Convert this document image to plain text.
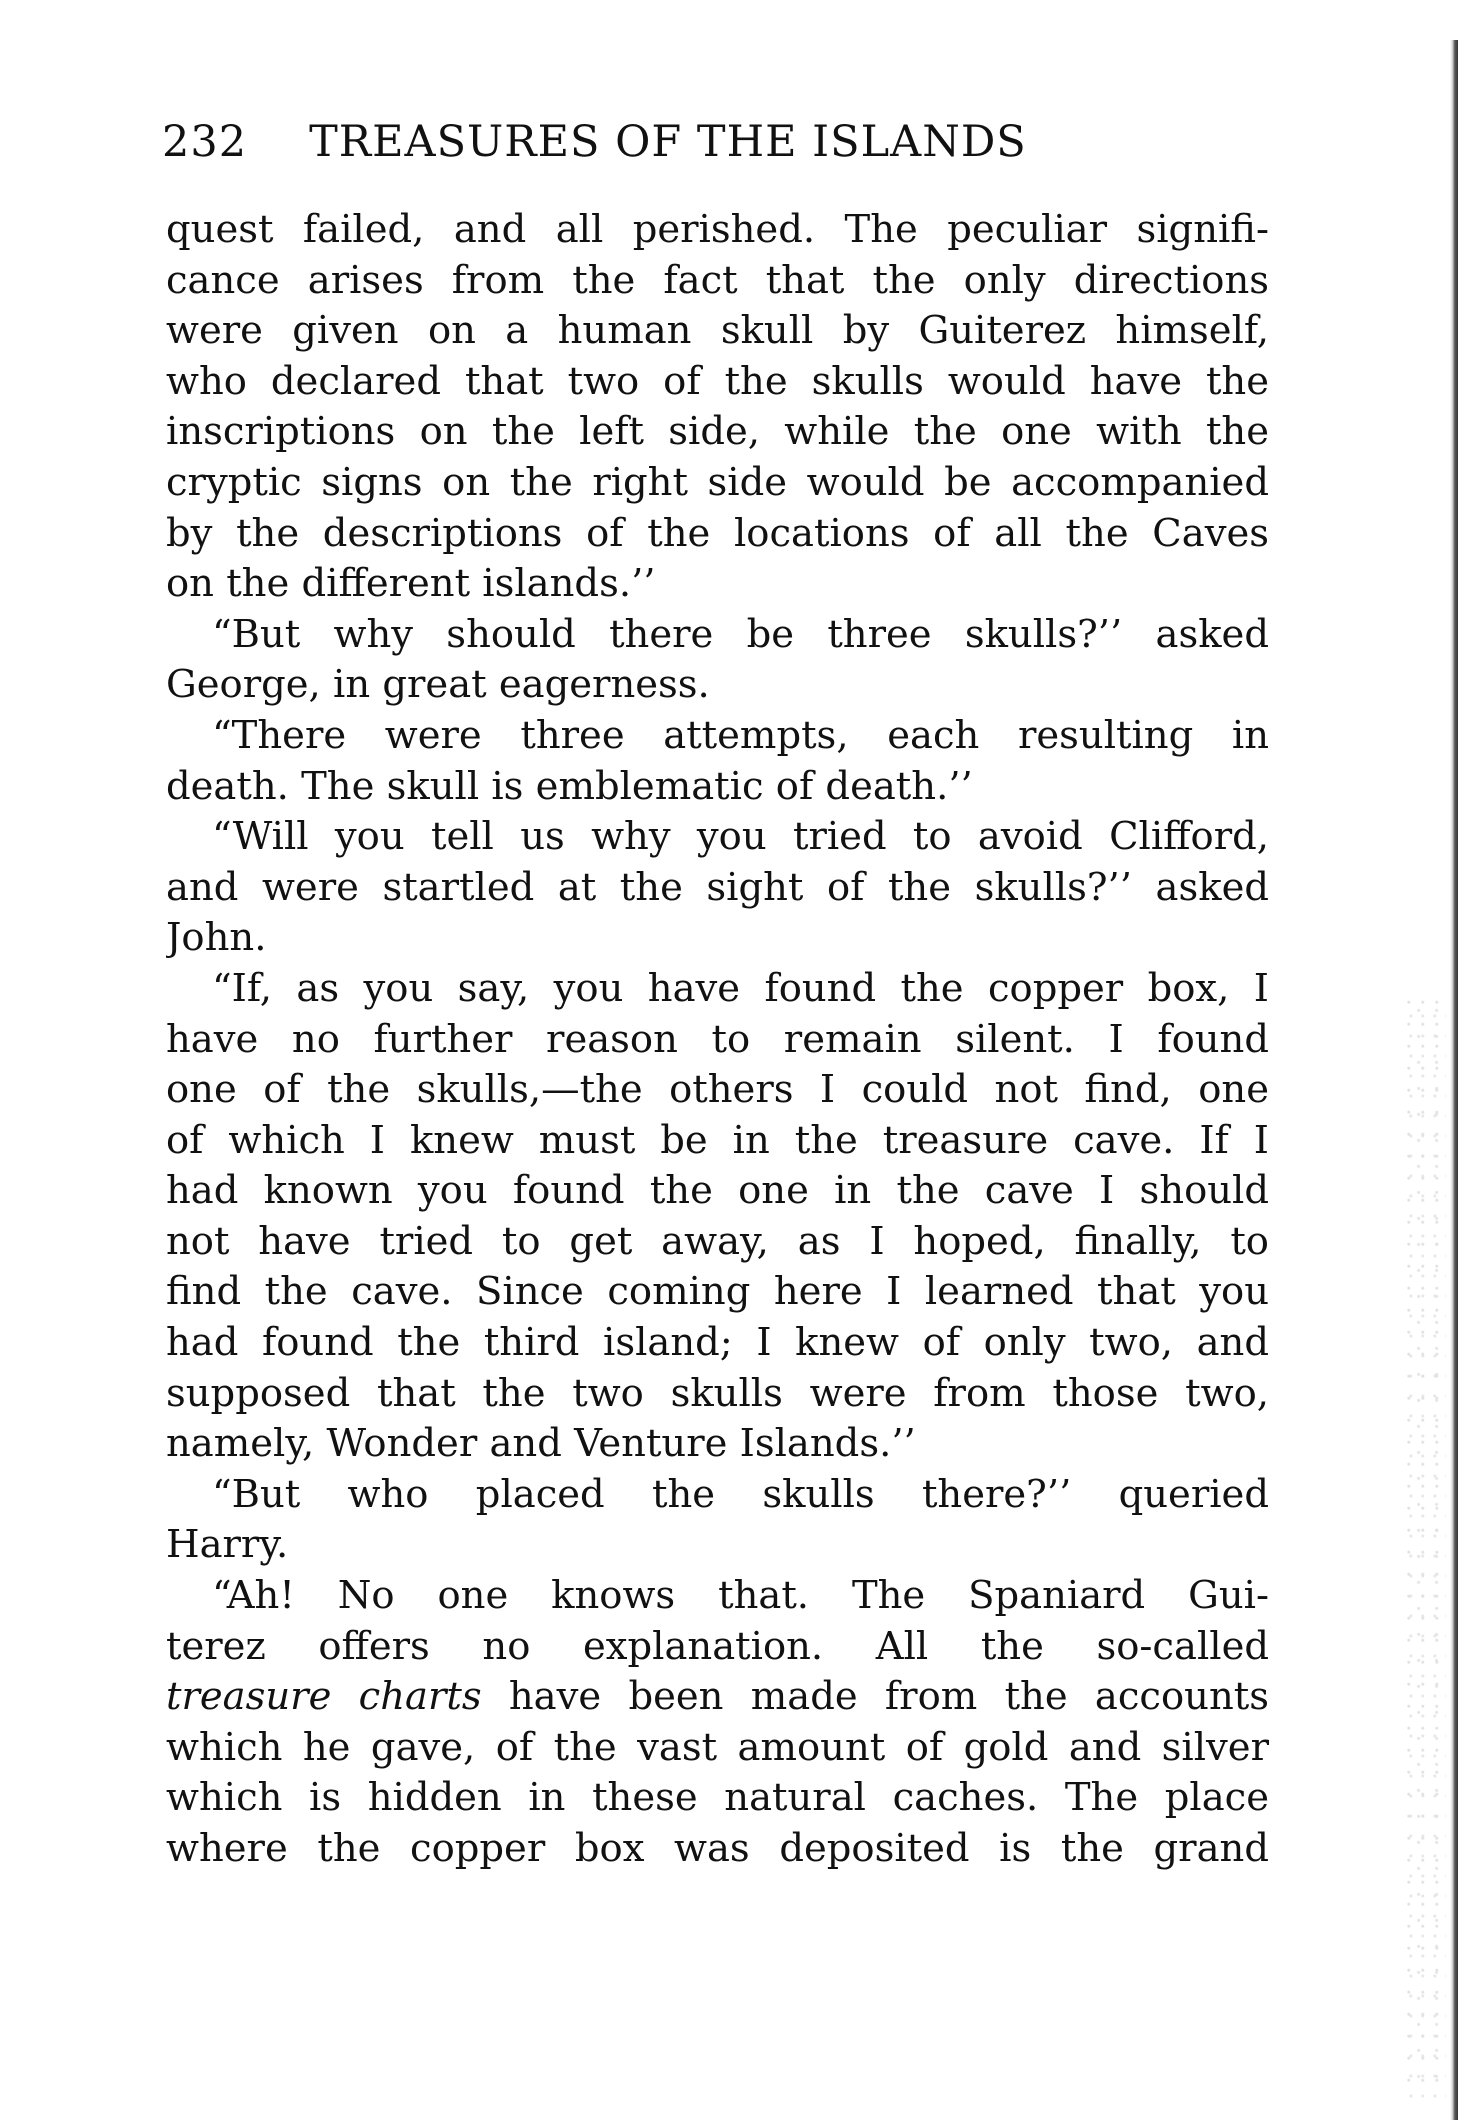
232 TREASURES OF THE ISLANDS
quest failed, and all perished. The peculiar signifi-
cance arises from the fact that the only directions
were given on a human skull by Guiterez himself,
who declared that two of the skulls would have the
inscriptions on the left side, while the one with the
cryptic signs on the right side would be accompanied
by the descriptions of the locations of all the Caves
on the different islands.’’
“But why should there be three skulls?’’ asked
George, in great eagerness.
“There were three attempts, each resulting in
death. The skull is emblematic of death.’’
“Will you tell us why you tried to avoid Clifford,
and were startled at the sight of the skulls?’’ asked
John.
“If, as you say, you have found the copper box, I
have no further reason to remain silent. I found
one of the skulls,—the others I could not find, one
of which I knew must be in the treasure cave. If I
had known you found the one in the cave I should
not have tried to get away, as I hoped, finally, to
find the cave. Since coming here I learned that you
had found the third island; I knew of only two, and
supposed that the two skulls were from those two,
namely, Wonder and Venture Islands.’’
“But who placed the skulls there?’’ queried
Harry.
“Ah! No one knows that. The Spaniard Gui-
terez offers no explanation. All the so-called
treasure charts have been made from the accounts
which he gave, of the vast amount of gold and silver
which is hidden in these natural caches. The place
where the copper box was deposited is the grand
